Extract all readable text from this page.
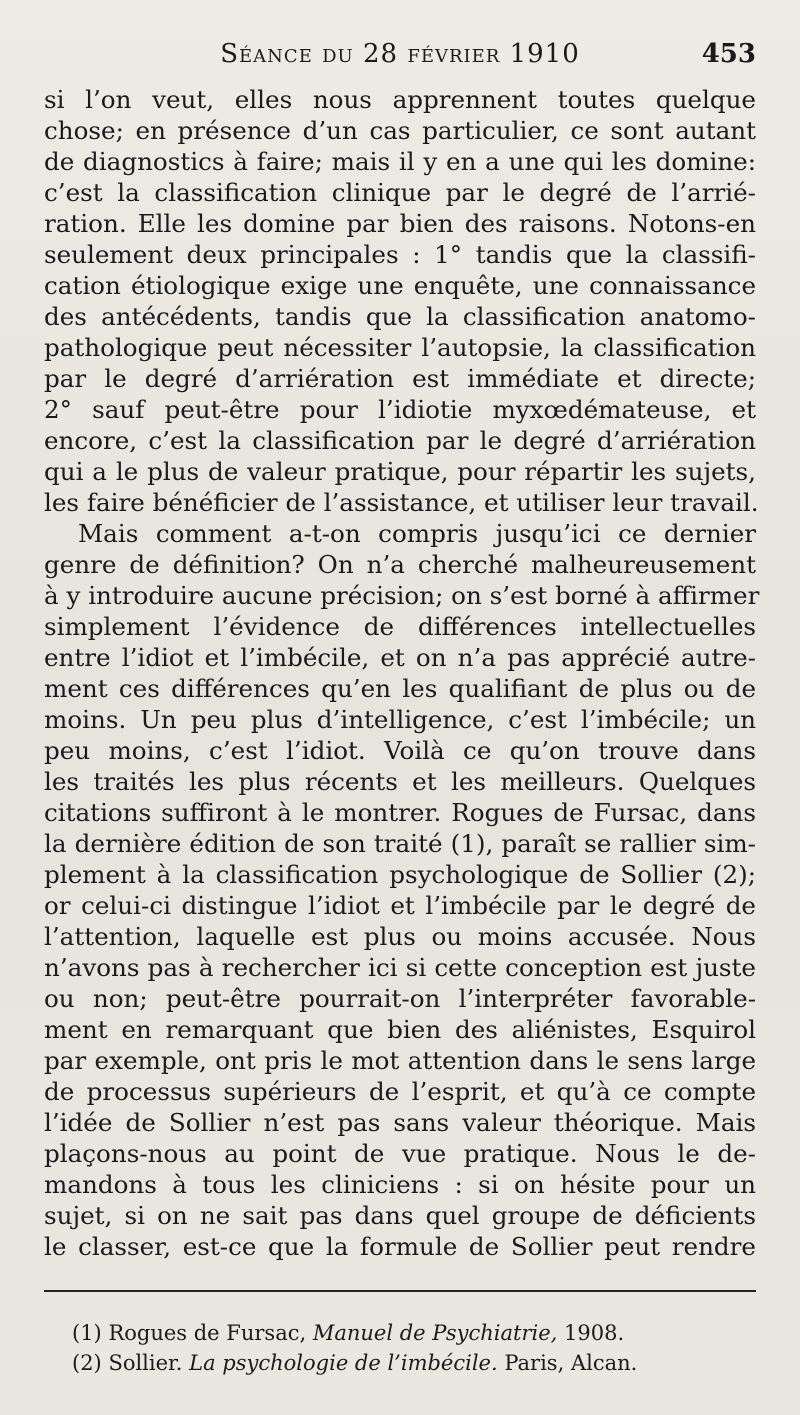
Séance du 28 février 1910	453
si l’on veut, elles nous apprennent toutes quelque
chose; en présence d’un cas particulier, ce sont autant
de diagnostics à faire; mais il y en a une qui les domine:
c’est la classification clinique par le degré de l’arrié-
ration. Elle les domine par bien des raisons. Notons-en
seulement deux principales : 1° tandis que la classifi-
cation étiologique exige une enquête, une connaissance
des antécédents, tandis que la classification anatomo-
pathologique peut nécessiter l’autopsie, la classification
par le degré d’arriération est immédiate et directe;
2° sauf peut-être pour l’idiotie myxœdémateuse, et
encore, c’est la classification par le degré d’arriération
qui a le plus de valeur pratique, pour répartir les sujets,
les faire bénéficier de l’assistance, et utiliser leur travail.
Mais comment a-t-on compris jusqu’ici ce dernier
genre de définition? On n’a cherché malheureusement
à y introduire aucune précision; on s’est borné à affirmer
simplement l’évidence de différences intellectuelles
entre l’idiot et l’imbécile, et on n’a pas apprécié autre-
ment ces différences qu’en les qualifiant de plus ou de
moins. Un peu plus d’intelligence, c’est l’imbécile; un
peu moins, c’est l’idiot. Voilà ce qu’on trouve dans
les traités les plus récents et les meilleurs. Quelques
citations suffiront à le montrer. Rogues de Fursac, dans
la dernière édition de son traité (1), paraît se rallier sim-
plement à la classification psychologique de Sollier (2);
or celui-ci distingue l’idiot et l’imbécile par le degré de
l’attention, laquelle est plus ou moins accusée. Nous
n’avons pas à rechercher ici si cette conception est juste
ou non; peut-être pourrait-on l’interpréter favorable-
ment en remarquant que bien des aliénistes, Esquirol
par exemple, ont pris le mot attention dans le sens large
de processus supérieurs de l’esprit, et qu’à ce compte
l’idée de Sollier n’est pas sans valeur théorique. Mais
plaçons-nous au point de vue pratique. Nous le de-
mandons à tous les cliniciens : si on hésite pour un
sujet, si on ne sait pas dans quel groupe de déficients
le classer, est-ce que la formule de Sollier peut rendre
(1) Rogues de Fursac, Manuel de Psychiatrie, 1908.
(2) Sollier. La psychologie de l’imbécile. Paris, Alcan.
